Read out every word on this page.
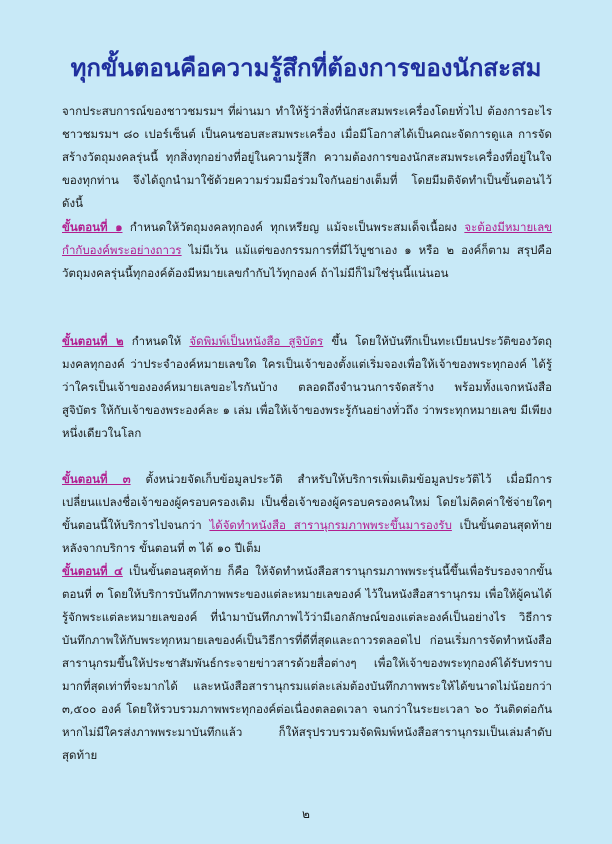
ทุกขั้นตอนคือความรู้สึกที่ต้องการของนักสะสม
จากประสบการณ์ของชาวชมรมฯ ที่ผ่านมา ทำให้รู้ว่าสิ่งที่นักสะสมพระเครื่องโดยทั่วไป ต้องการอะไร ชาวชมรมฯ ๘๐ เปอร์เซ็นต์ เป็นคนชอบสะสมพระเครื่อง เมื่อมีโอกาสได้เป็นคณะจัดการดูแล การจัดสร้างวัตถุมงคลรุ่นนี้ ทุกสิ่งทุกอย่างที่อยู่ในความรู้สึก ความต้องการของนักสะสมพระเครื่องที่อยู่ในใจของทุกท่าน จึงได้ถูกนำมาใช้ด้วยความร่วมมือร่วมใจกันอย่างเต็มที่ โดยมีมติจัดทำเป็นขั้นตอนไว้ ดังนี้
ขั้นตอนที่ ๑ กำหนดให้วัตถุมงคลทุกองค์ ทุกเหรียญ แม้จะเป็นพระสมเด็จเนื้อผง จะต้องมีหมายเลขกำกับองค์พระอย่างถาวร ไม่มีเว้น แม้แต่ของกรรมการที่มีไว้บูชาเอง ๑ หรือ ๒ องค์ก็ตาม สรุปคือ วัตถุมงคลรุ่นนี้ทุกองค์ต้องมีหมายเลขกำกับไว้ทุกองค์ ถ้าไม่มีก็ไม่ใช่รุ่นนี้แน่นอน
ขั้นตอนที่ ๒ กำหนดให้ จัดพิมพ์เป็นหนังสือ สูจิบัตร ขึ้น โดยให้บันทึกเป็นทะเบียนประวัติของวัตถุมงคลทุกองค์ ว่าประจำองค์หมายเลขใด ใครเป็นเจ้าของตั้งแต่เริ่มจองเพื่อให้เจ้าของพระทุกองค์ ได้รู้ว่าใครเป็นเจ้าขององค์หมายเลขอะไรกันบ้าง ตลอดถึงจำนวนการจัดสร้าง พร้อมทั้งแจกหนังสือสูจิบัตร ให้กับเจ้าของพระองค์ละ ๑ เล่ม เพื่อให้เจ้าของพระรู้กันอย่างทั่วถึง ว่าพระทุกหมายเลข มีเพียงหนึ่งเดียวในโลก
ขั้นตอนที่ ๓ ตั้งหน่วยจัดเก็บข้อมูลประวัติ สำหรับให้บริการเพิ่มเติมข้อมูลประวัติไว้ เมื่อมีการเปลี่ยนแปลงชื่อเจ้าของผู้ครอบครองเดิม เป็นชื่อเจ้าของผู้ครอบครองคนใหม่ โดยไม่คิดค่าใช้จ่ายใดๆ ขั้นตอนนี้ให้บริการไปจนกว่า ได้จัดทำหนังสือ สารานุกรมภาพพระขึ้นมารองรับ เป็นขั้นตอนสุดท้าย หลังจากบริการ ขั้นตอนที่ ๓ ได้ ๑๐ ปีเต็ม
ขั้นตอนที่ ๔ เป็นขั้นตอนสุดท้าย ก็คือ ให้จัดทำหนังสือสารานุกรมภาพพระรุ่นนี้ขึ้นเพื่อรับรองจากขั้นตอนที่ ๓ โดยให้บริการบันทึกภาพพระของแต่ละหมายเลของค์ ไว้ในหนังสือสารานุกรม เพื่อให้ผู้คนได้รู้จักพระแต่ละหมายเลของค์ ที่นำมาบันทึกภาพไว้ว่ามีเอกลักษณ์ของแต่ละองค์เป็นอย่างไร วิธีการบันทึกภาพให้กับพระทุกหมายเลของค์เป็นวิธีการที่ดีที่สุดและถาวรตลอดไป ก่อนเริ่มการจัดทำหนังสือสารานุกรมขึ้นให้ประชาสัมพันธ์กระจายข่าวสารด้วยสื่อต่างๆ เพื่อให้เจ้าของพระทุกองค์ได้รับทราบมากที่สุดเท่าที่จะมากได้ และหนังสือสารานุกรมแต่ละเล่มต้องบันทึกภาพพระให้ได้ขนาดไม่น้อยกว่า ๓,๕๐๐ องค์ โดยให้รวบรวมภาพพระทุกองค์ต่อเนื่องตลอดเวลา จนกว่าในระยะเวลา ๖๐ วันติดต่อกัน หากไม่มีใครส่งภาพพระมาบันทึกแล้ว ก็ให้สรุปรวบรวมจัดพิมพ์หนังสือสารานุกรมเป็นเล่มลำดับสุดท้าย
๒
